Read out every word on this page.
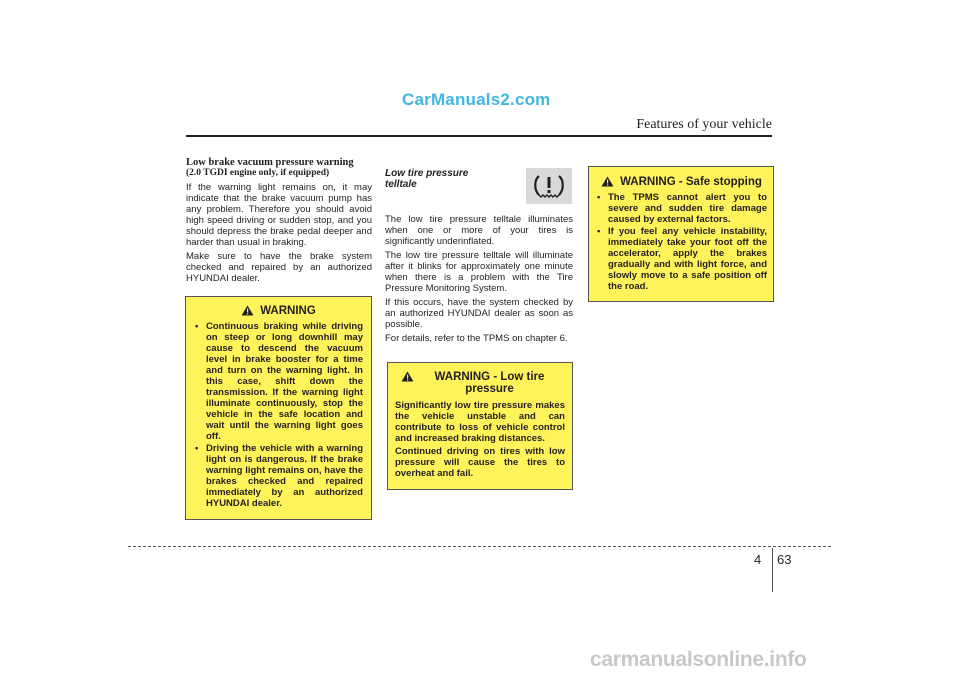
CarManuals2.com
Features of your vehicle
Low brake vacuum pressure warning
(2.0 TGDI engine only, if equipped)

If the warning light remains on, it may indicate that the brake vacuum pump has any problem. Therefore you should avoid high speed driving or sudden stop, and you should depress the brake pedal deeper and harder than usual in braking.

Make sure to have the brake system checked and repaired by an authorized HYUNDAI dealer.

WARNING
• Continuous braking while driving on steep or long downhill may cause to descend the vacuum level in brake booster for a time and turn on the warning light. In this case, shift down the transmission. If the warning light illuminate continuously, stop the vehicle in the safe location and wait until the warning light goes off.
• Driving the vehicle with a warning light on is dangerous. If the brake warning light remains on, have the brakes checked and repaired immediately by an authorized HYUNDAI dealer.
Low tire pressure
telltale

The low tire pressure telltale illuminates when one or more of your tires is significantly underinflated.

The low tire pressure telltale will illuminate after it blinks for approximately one minute when there is a problem with the Tire Pressure Monitoring System.

If this occurs, have the system checked by an authorized HYUNDAI dealer as soon as possible.

For details, refer to the TPMS on chapter 6.

WARNING - Low tire pressure

Significantly low tire pressure makes the vehicle unstable and can contribute to loss of vehicle control and increased braking distances.

Continued driving on tires with low pressure will cause the tires to overheat and fail.

WARNING - Safe stopping
• The TPMS cannot alert you to severe and sudden tire damage caused by external factors.
• If you feel any vehicle instability, immediately take your foot off the accelerator, apply the brakes gradually and with light force, and slowly move to a safe position off the road.
4 63
carmanualsonline.info
